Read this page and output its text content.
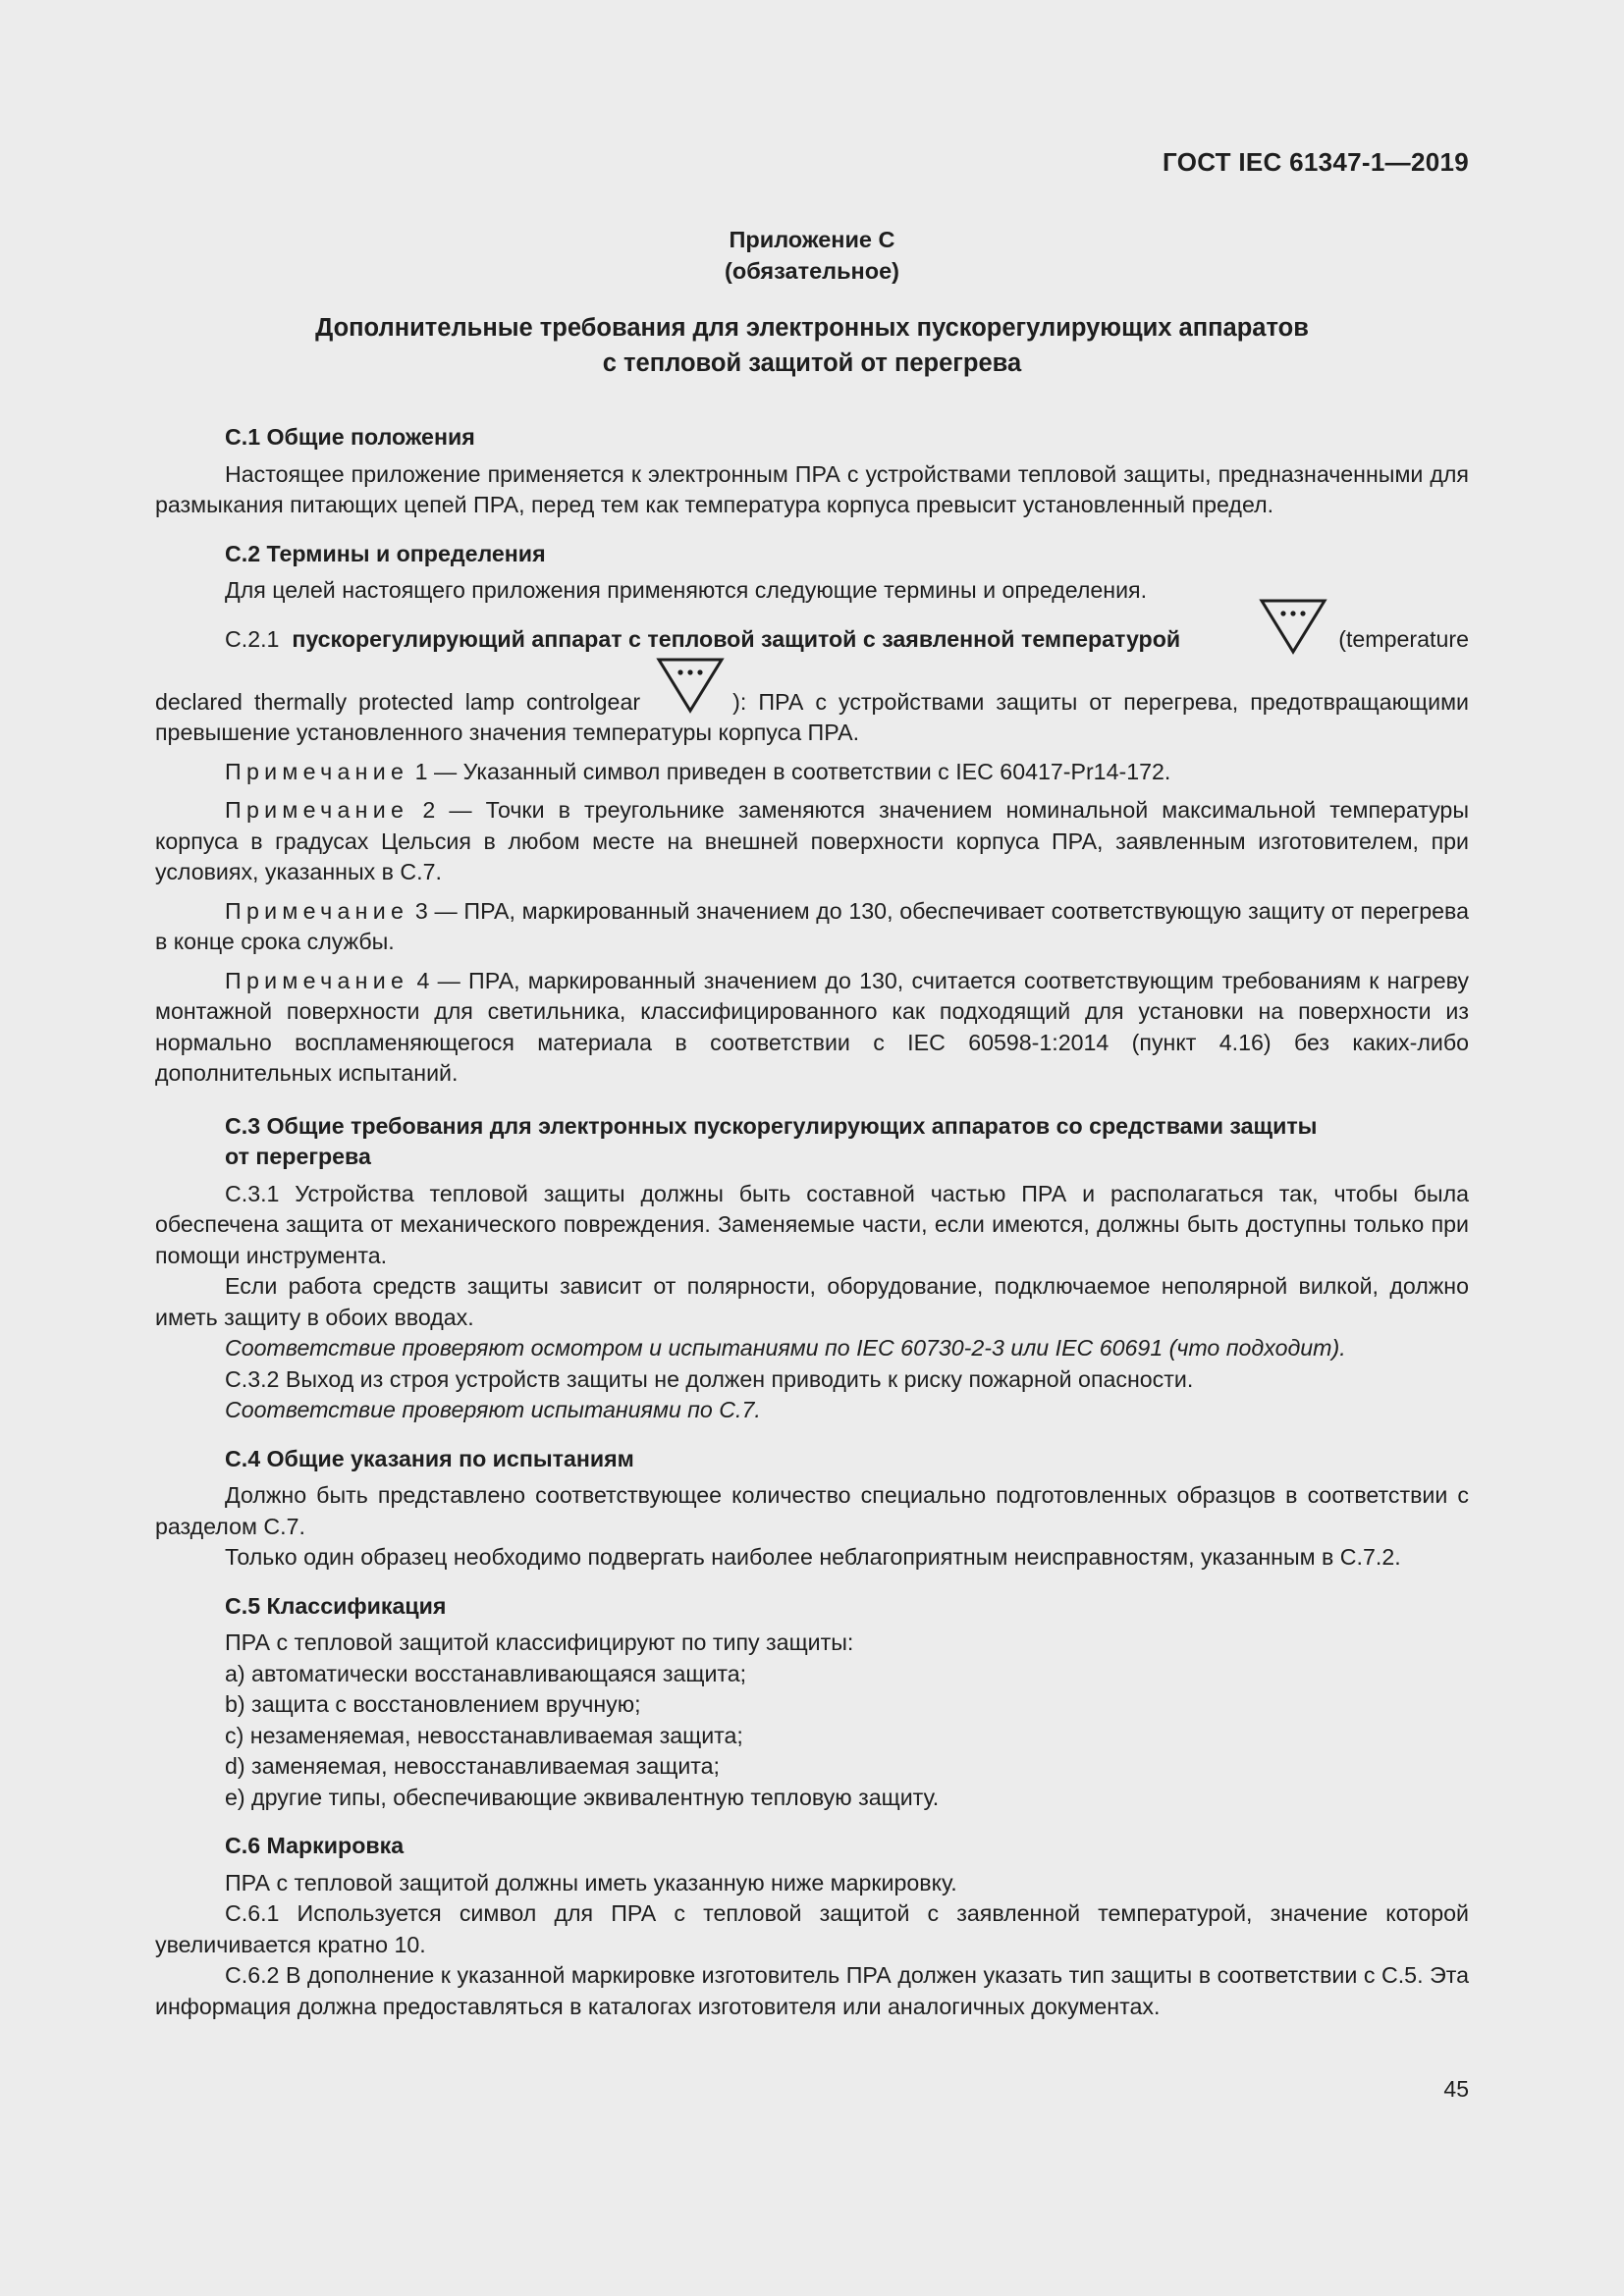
ГОСТ IEC 61347-1—2019
Приложение С
(обязательное)
Дополнительные требования для электронных пускорегулирующих аппаратов
с тепловой защитой от перегрева
С.1 Общие положения

Настоящее приложение применяется к электронным ПРА с устройствами тепловой защиты, предназначенными для размыкания питающих цепей ПРА, перед тем как температура корпуса превысит установленный предел.

С.2 Термины и определения

Для целей настоящего приложения применяются следующие термины и определения.

С.2.1 пускорегулирующий аппарат с тепловой защитой с заявленной температурой	(temperature
declared thermally protected lamp controlgear	): ПРА с устройствами защиты от перегрева, предотвращающими
превышение установленного значения температуры корпуса ПРА.

Примечание 1 — Указанный символ приведен в соответствии с IEC 60417-Pr14-172.

Примечание 2 — Точки в треугольнике заменяются значением номинальной максимальной температуры корпуса в градусах Цельсия в любом месте на внешней поверхности корпуса ПРА, заявленным изготовителем, при условиях, указанных в С.7.

Примечание 3 — ПРА, маркированный значением до 130, обеспечивает соответствующую защиту от перегрева в конце срока службы.

Примечание 4 — ПРА, маркированный значением до 130, считается соответствующим требованиям к нагреву монтажной поверхности для светильника, классифицированного как подходящий для установки на поверхности из нормально воспламеняющегося материала в соответствии с IEC 60598-1:2014 (пункт 4.16) без каких-либо дополнительных испытаний.

С.3 Общие требования для электронных пускорегулирующих аппаратов со средствами защиты
от перегрева

С.3.1 Устройства тепловой защиты должны быть составной частью ПРА и располагаться так, чтобы была обеспечена защита от механического повреждения. Заменяемые части, если имеются, должны быть доступны только при помощи инструмента.

Если работа средств защиты зависит от полярности, оборудование, подключаемое неполярной вилкой, должно иметь защиту в обоих вводах.

Соответствие проверяют осмотром и испытаниями по IEC 60730-2-3 или IEC 60691 (что подходит).

С.3.2 Выход из строя устройств защиты не должен приводить к риску пожарной опасности.

Соответствие проверяют испытаниями по С.7.

С.4 Общие указания по испытаниям

Должно быть представлено соответствующее количество специально подготовленных образцов в соответствии с разделом С.7.

Только один образец необходимо подвергать наиболее неблагоприятным неисправностям, указанным в С.7.2.

С.5 Классификация
ПРА с тепловой защитой классифицируют по типу защиты:
a) автоматически восстанавливающаяся защита;
b) защита с восстановлением вручную;
c) незаменяемая, невосстанавливаемая защита;
d) заменяемая, невосстанавливаемая защита;
e) другие типы, обеспечивающие эквивалентную тепловую защиту.
С.6 Маркировка
ПРА с тепловой защитой должны иметь указанную ниже маркировку.

С.6.1 Используется символ для ПРА с тепловой защитой с заявленной температурой, значение которой увеличивается кратно 10.

С.6.2 В дополнение к указанной маркировке изготовитель ПРА должен указать тип защиты в соответствии с С.5. Эта информация должна предоставляться в каталогах изготовителя или аналогичных документах.

45
